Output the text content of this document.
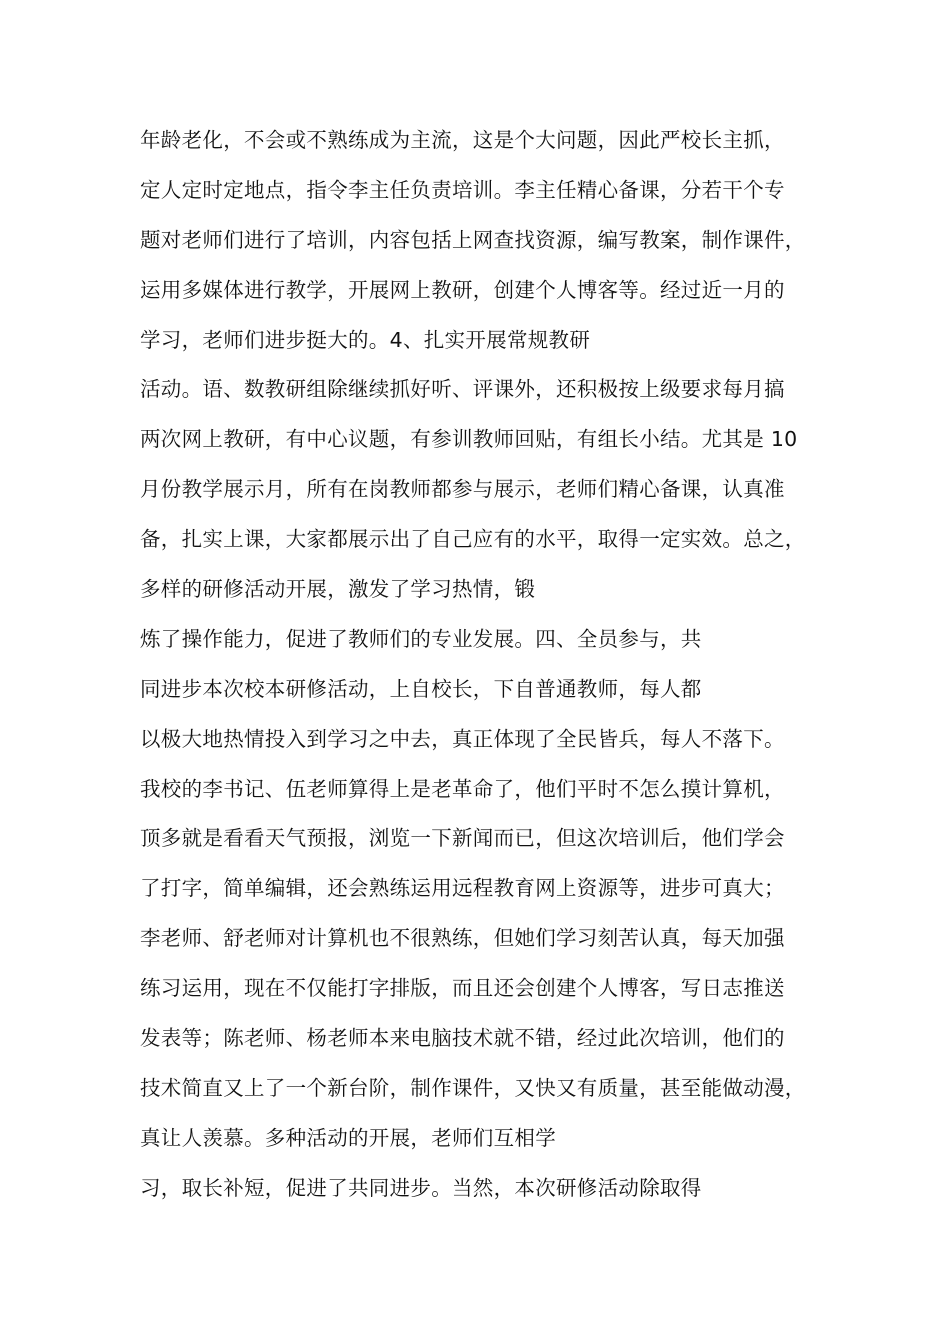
年龄老化，不会或不熟练成为主流，这是个大问题，因此严校长主抓，
定人定时定地点，指令李主任负责培训。李主任精心备课，分若干个专
题对老师们进行了培训，内容包括上网查找资源，编写教案，制作课件，
运用多媒体进行教学，开展网上教研，创建个人博客等。经过近一月的
学习，老师们进步挺大的。4、扎实开展常规教研
活动。语、数教研组除继续抓好听、评课外，还积极按上级要求每月搞
两次网上教研，有中心议题，有参训教师回贴，有组长小结。尤其是 10
月份教学展示月，所有在岗教师都参与展示，老师们精心备课，认真准
备，扎实上课，大家都展示出了自己应有的水平，取得一定实效。总之，
多样的研修活动开展，激发了学习热情，锻
炼了操作能力，促进了教师们的专业发展。四、全员参与，共
同进步本次校本研修活动，上自校长，下自普通教师，每人都
以极大地热情投入到学习之中去，真正体现了全民皆兵，每人不落下。
我校的李书记、伍老师算得上是老革命了，他们平时不怎么摸计算机，
顶多就是看看天气预报，浏览一下新闻而已，但这次培训后，他们学会
了打字，简单编辑，还会熟练运用远程教育网上资源等，进步可真大；
李老师、舒老师对计算机也不很熟练，但她们学习刻苦认真，每天加强
练习运用，现在不仅能打字排版，而且还会创建个人博客，写日志推送
发表等；陈老师、杨老师本来电脑技术就不错，经过此次培训，他们的
技术简直又上了一个新台阶，制作课件，又快又有质量，甚至能做动漫，
真让人羡慕。多种活动的开展，老师们互相学
习，取长补短，促进了共同进步。当然，本次研修活动除取得
